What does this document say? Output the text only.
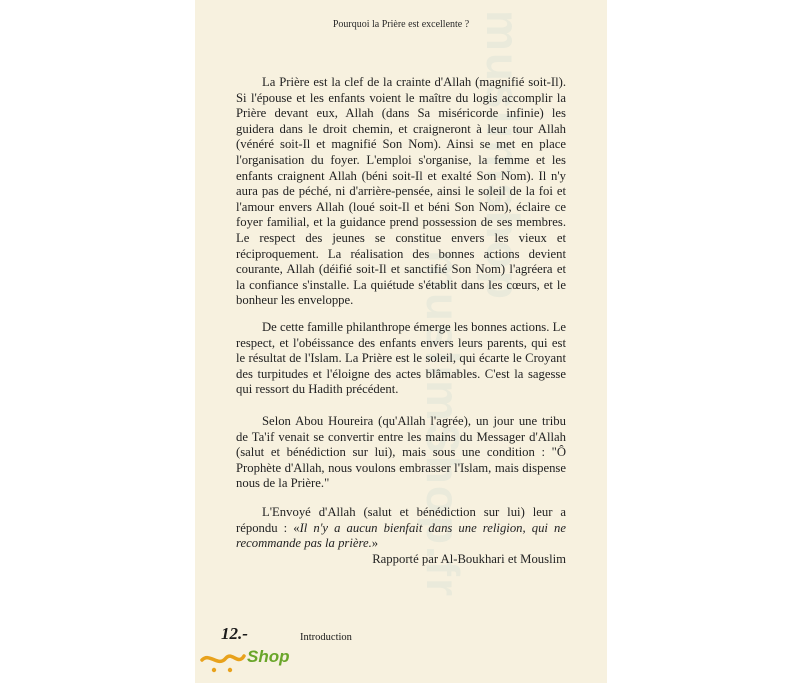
muslimshop
muslimShop.fr
Pourquoi la Prière est excellente ?

La Prière est la clef de la crainte d'Allah (magnifié soit-Il). Si l'épouse et les enfants voient le maître du logis accomplir la Prière devant eux, Allah (dans Sa miséricorde infinie) les guidera dans le droit chemin, et craigneront à leur tour Allah (vénéré soit-Il et magnifié Son Nom). Ainsi se met en place l'organisation du foyer. L'emploi s'organise, la femme et les enfants craignent Allah (béni soit-Il et exalté Son Nom). Il n'y aura pas de péché, ni d'arrière-pensée, ainsi le soleil de la foi et l'amour envers Allah (loué soit-Il et béni Son Nom), éclaire ce foyer familial, et la guidance prend possession de ses membres. Le respect des jeunes se constitue envers les vieux et réciproquement. La réalisation des bonnes actions devient courante, Allah (déifié soit-Il et sanctifié Son Nom) l'agréera et la confiance s'installe. La quiétude s'établit dans les cœurs, et le bonheur les enveloppe.

De cette famille philanthrope émerge les bonnes actions. Le respect, et l'obéissance des enfants envers leurs parents, qui est le résultat de l'Islam. La Prière est le soleil, qui écarte le Croyant des turpitudes et l'éloigne des actes blâmables. C'est la sagesse qui ressort du Hadith précédent.

Selon Abou Houreira (qu'Allah l'agrée), un jour une tribu de Ta'if venait se convertir entre les mains du Messager d'Allah (salut et bénédiction sur lui), mais sous une condition : "Ô Prophète d'Allah, nous voulons embrasser l'Islam, mais dispense nous de la Prière."

L'Envoyé d'Allah (salut et bénédiction sur lui) leur a répondu : «Il n'y a aucun bienfait dans une religion, qui ne recommande pas la prière.»

Rapporté par Al-Boukhari et Mouslim
12.-	Introduction
Shop
